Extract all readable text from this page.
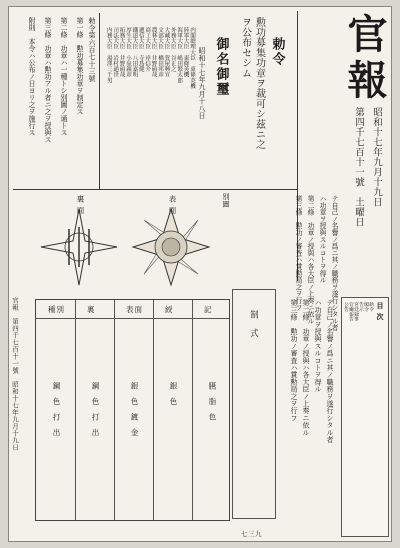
官報
昭和十七年九月十九日
第四千七百十一號　土曜日
勅令
勲功募集功章ヲ裁可シ茲ニ之
ヲ公布セシム
御名御璽
昭和十七年九月十八日
内閣總理大臣　東條英機
陸軍大臣　東條英機
海軍大臣　嶋田繁太郎
外務大臣　谷正之
大藏大臣　賀屋興宣
文部大臣　橋田邦彦
農林大臣　井野碩哉
商工大臣　岸信介
遞信大臣　寺島健
鐵道大臣　八田嘉明
厚生大臣　小泉親彦
拓務大臣　井野碩哉
司法大臣　岩村通世
内務大臣　湯澤三千男
勅令第六百七十三號
第一條　勲功募集功章ヲ制定ス
第二條　功章ハ一種トシ別圖ノ通トス
第三條　功章ハ勲功アル者ニ之ヲ授與ス
附則　本令ハ公布ノ日ヨリ之ヲ施行ス
テ自己ノ名譽ノ爲ニ其ノ職務ヲ遂行シタル者
ハ功章ヲ授與スルコトヲ得ル
第二條　功章ノ授與ハ各大臣ノ上奏ニ依ル
第三條　勲功ノ審査ハ賞勲局之ヲ行フ
別圖
裏面	表面
種別	裏	表面	綬	記
鋼色打出	鋼色打出	銀色鍍金	銀色	臙脂色
制式	テ自己ノ名譽ノ爲ニ其ノ職務ヲ遂行シタル者
ハ功章ヲ授與スルコトヲ得ル
第二條　功章ノ授與ハ各大臣ノ上奏ニ依ル
第三條　勲功ノ審査ハ賞勲局之ヲ行フ	目次
勅令
閣令
告示
宮廷録事
官廳報告
公告
官報　第四千七百十一號　昭和十七年九月十九日
七三九
